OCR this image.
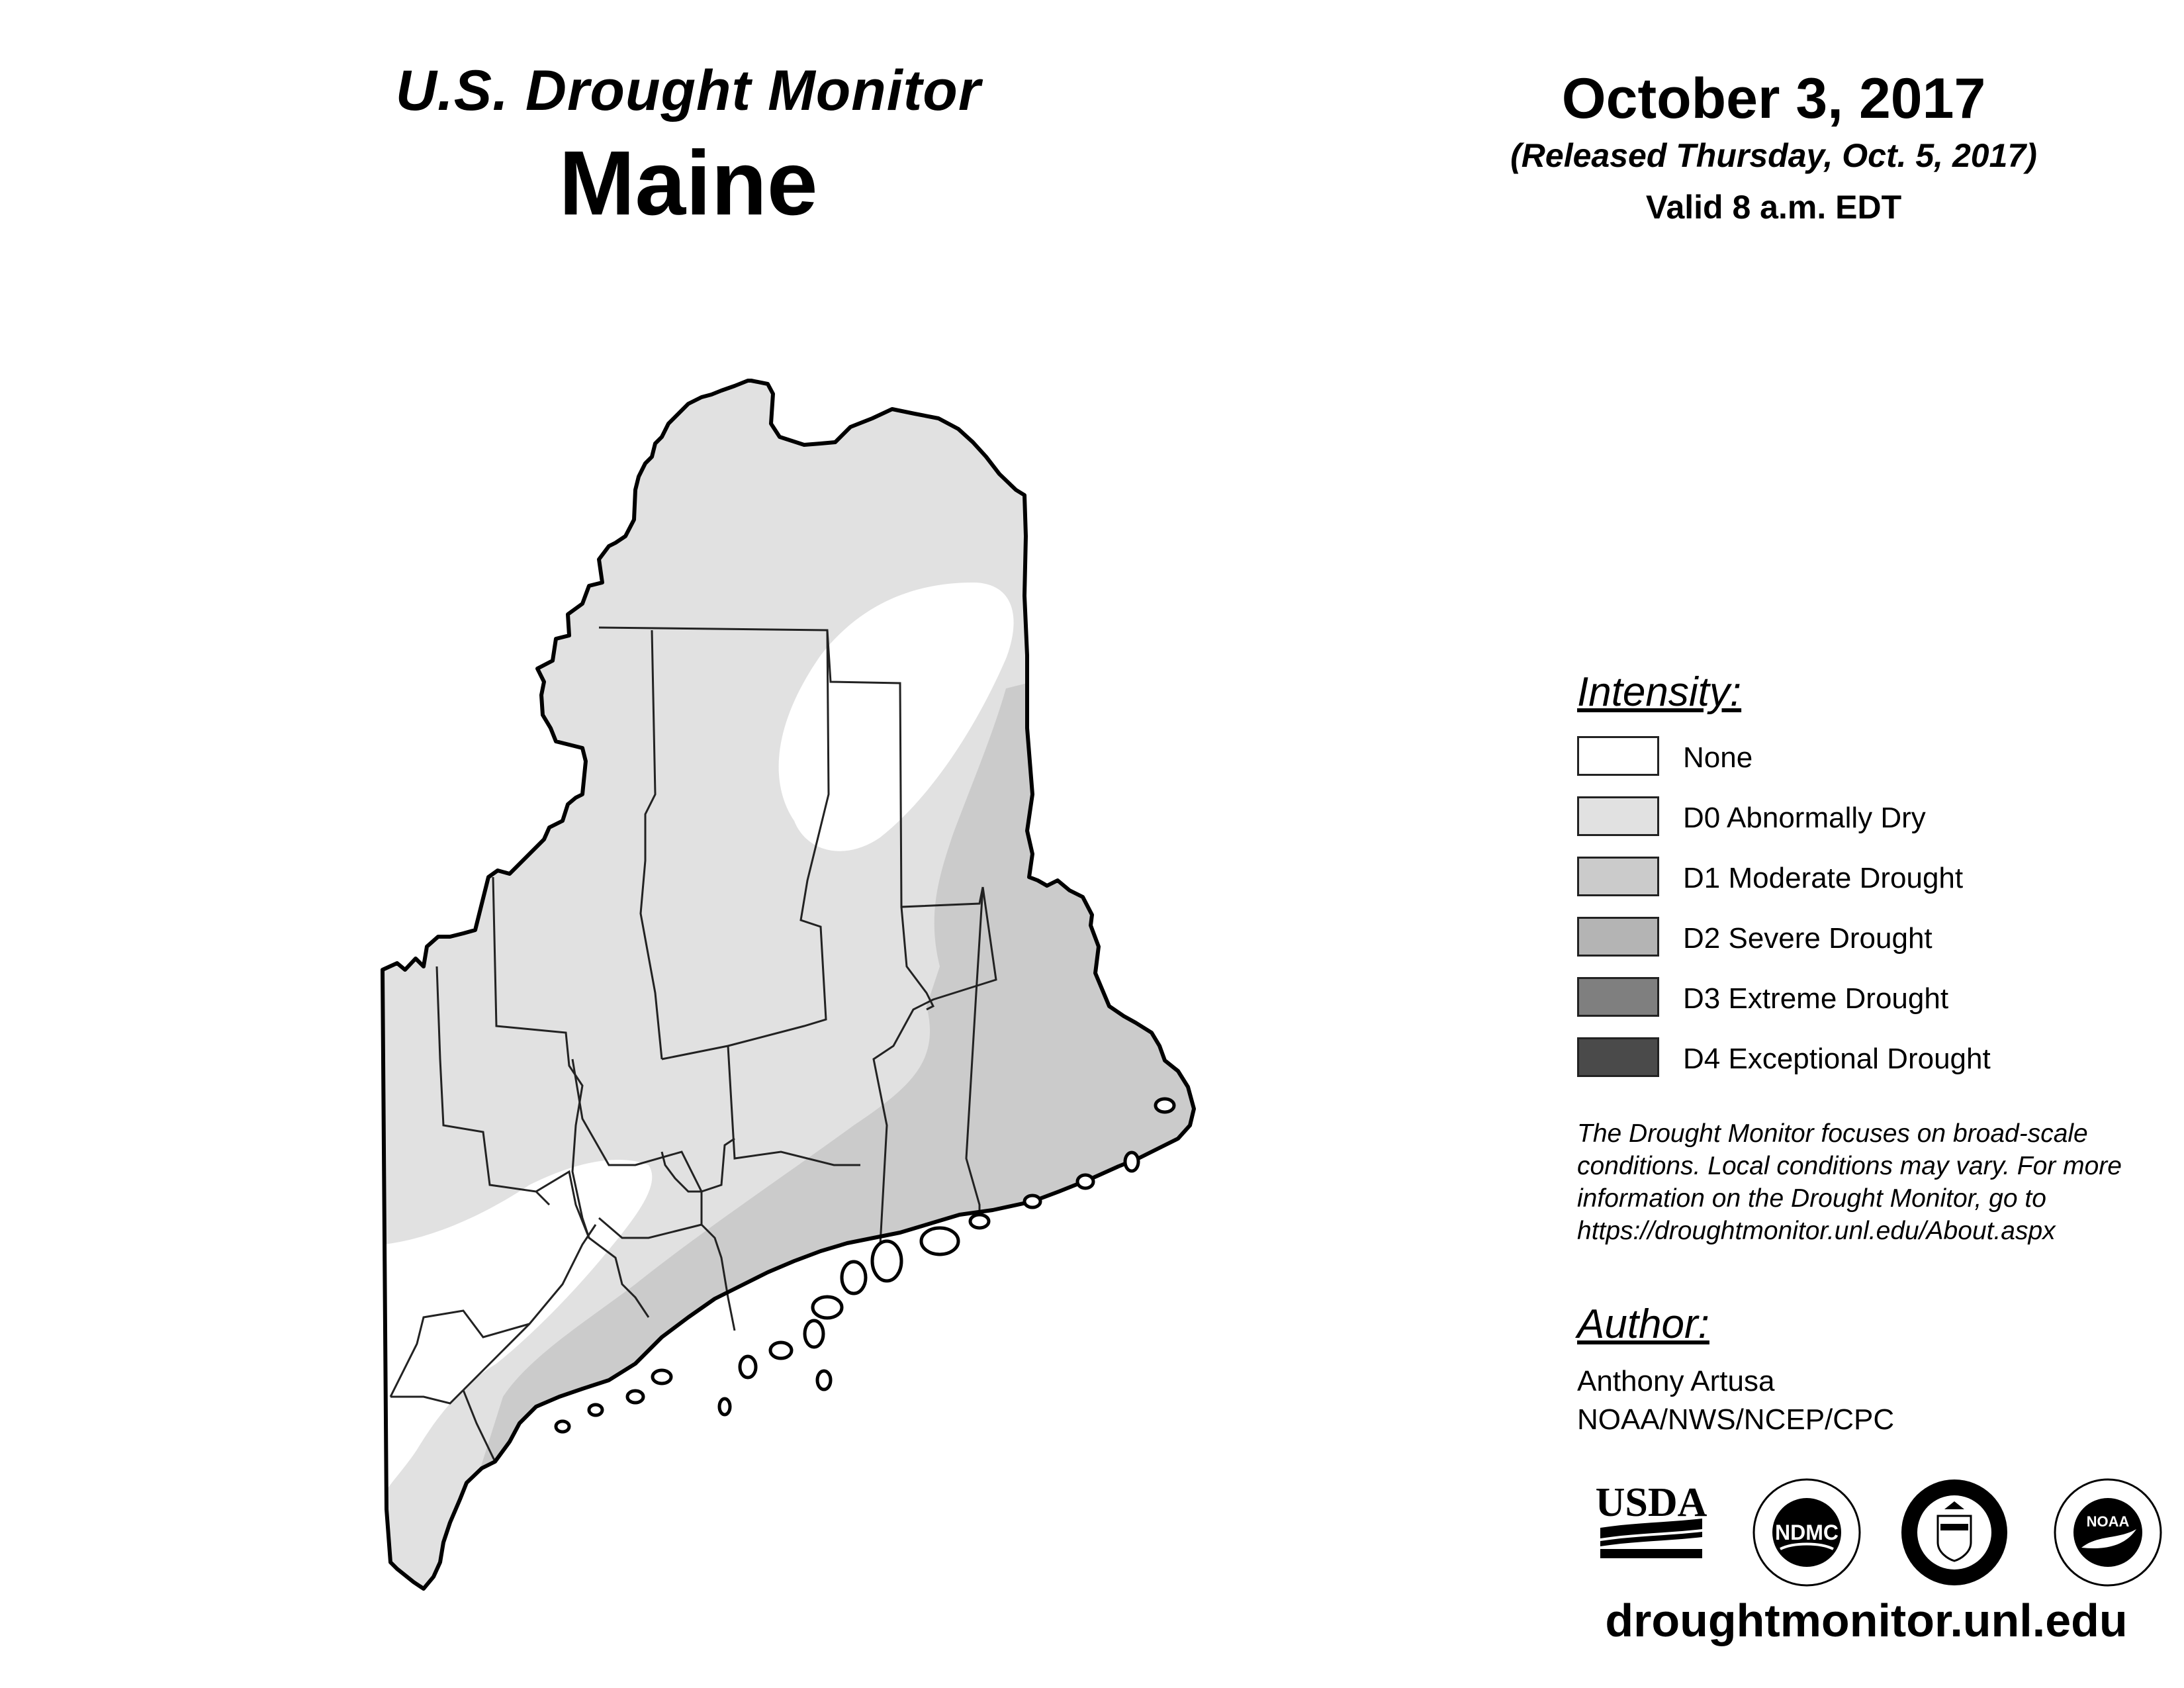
U.S. Drought Monitor
Maine
October 3, 2017
(Released Thursday, Oct. 5, 2017)
Valid 8 a.m. EDT
Intensity:
None
D0 Abnormally Dry
D1 Moderate Drought
D2 Severe Drought
D3 Extreme Drought
D4 Exceptional Drought
The Drought Monitor focuses on broad-scale
conditions. Local conditions may vary. For more
information on the Drought Monitor, go to
https://droughtmonitor.unl.edu/About.aspx
Author:
Anthony Artusa
NOAA/NWS/NCEP/CPC
USDA
NDMC	NOAA
droughtmonitor.unl.edu
